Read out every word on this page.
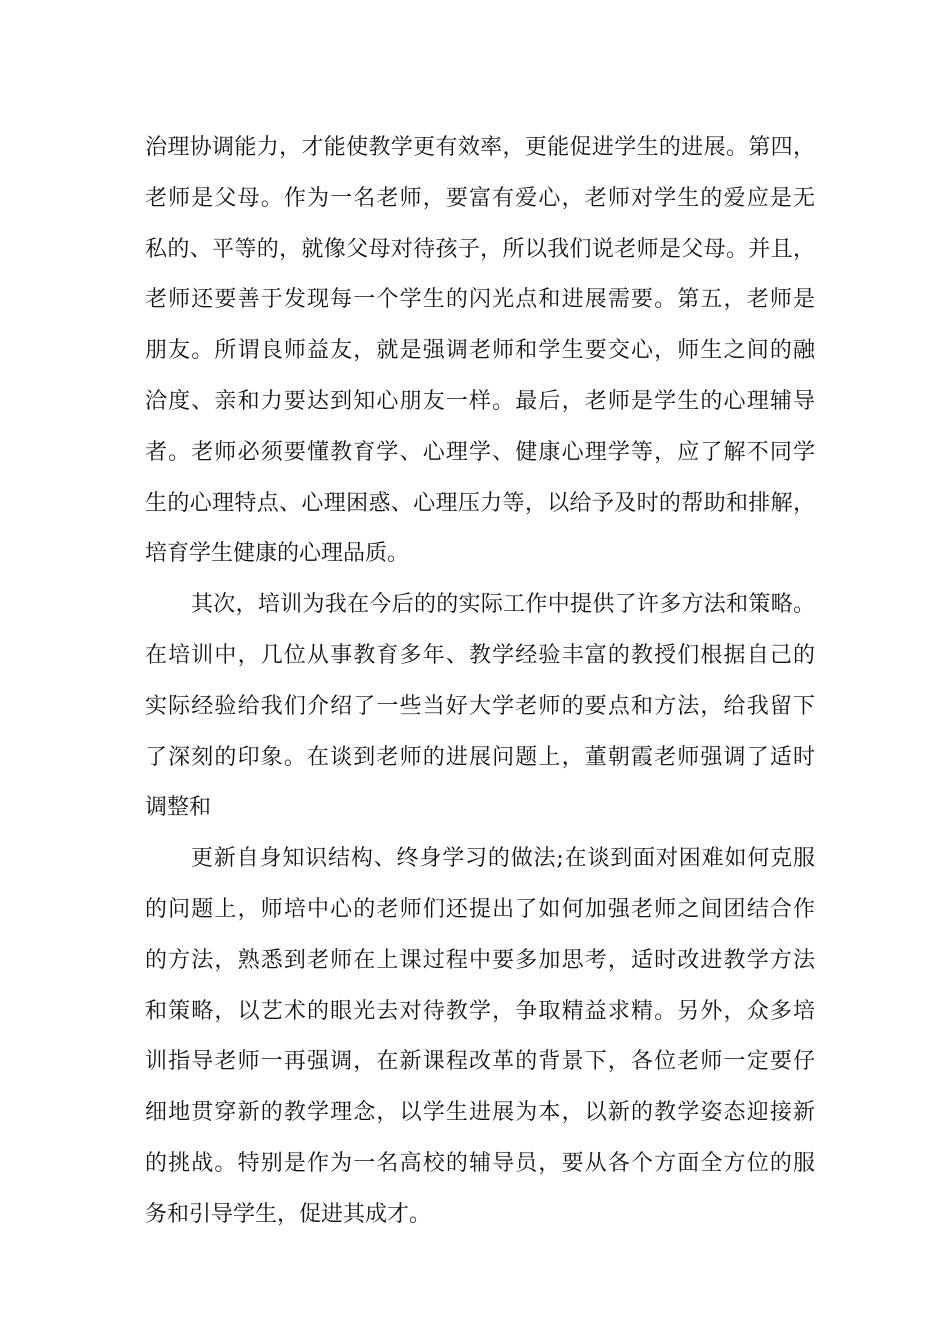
治理协调能力，才能使教学更有效率，更能促进学生的进展。第四，
老师是父母。作为一名老师，要富有爱心，老师对学生的爱应是无
私的、平等的，就像父母对待孩子，所以我们说老师是父母。并且，
老师还要善于发现每一个学生的闪光点和进展需要。第五，老师是
朋友。所谓良师益友，就是强调老师和学生要交心，师生之间的融
洽度、亲和力要达到知心朋友一样。最后，老师是学生的心理辅导
者。老师必须要懂教育学、心理学、健康心理学等，应了解不同学
生的心理特点、心理困惑、心理压力等，以给予及时的帮助和排解，
培育学生健康的心理品质。
其次，培训为我在今后的的实际工作中提供了许多方法和策略。
在培训中，几位从事教育多年、教学经验丰富的教授们根据自己的
实际经验给我们介绍了一些当好大学老师的要点和方法，给我留下
了深刻的印象。在谈到老师的进展问题上，董朝霞老师强调了适时
调整和
更新自身知识结构、终身学习的做法;在谈到面对困难如何克服
的问题上，师培中心的老师们还提出了如何加强老师之间团结合作
的方法，熟悉到老师在上课过程中要多加思考，适时改进教学方法
和策略，以艺术的眼光去对待教学，争取精益求精。另外，众多培
训指导老师一再强调，在新课程改革的背景下，各位老师一定要仔
细地贯穿新的教学理念，以学生进展为本，以新的教学姿态迎接新
的挑战。特别是作为一名高校的辅导员，要从各个方面全方位的服
务和引导学生，促进其成才。
